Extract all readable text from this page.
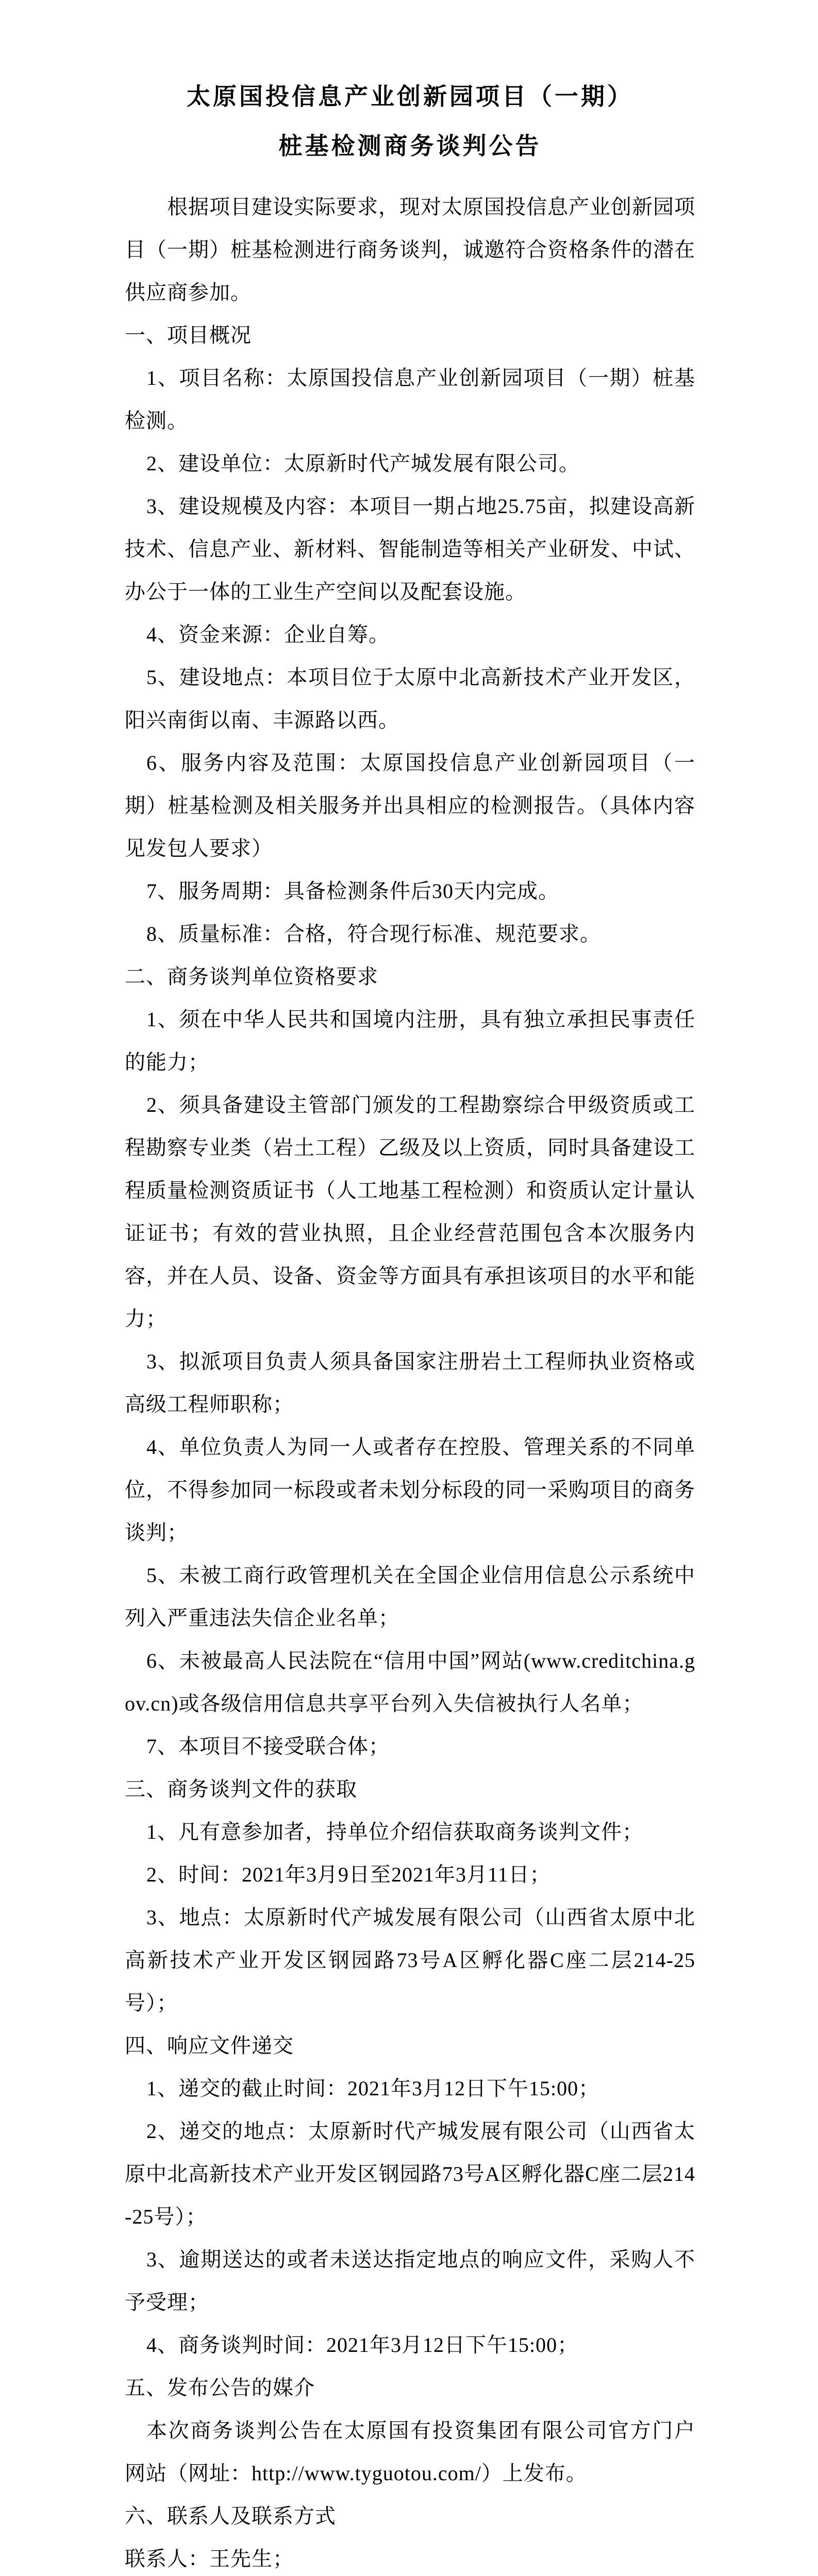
太原国投信息产业创新园项目（一期）
桩基检测商务谈判公告

根据项目建设实际要求，现对太原国投信息产业创新园项目（一期）桩基检测进行商务谈判，诚邀符合资格条件的潜在供应商参加。

一、项目概况

1、项目名称：太原国投信息产业创新园项目（一期）桩基检测。

2、建设单位：太原新时代产城发展有限公司。

3、建设规模及内容：本项目一期占地25.75亩，拟建设高新技术、信息产业、新材料、智能制造等相关产业研发、中试、办公于一体的工业生产空间以及配套设施。

4、资金来源：企业自筹。

5、建设地点：本项目位于太原中北高新技术产业开发区，阳兴南街以南、丰源路以西。

6、服务内容及范围：太原国投信息产业创新园项目（一期）桩基检测及相关服务并出具相应的检测报告。（具体内容见发包人要求）

7、服务周期：具备检测条件后30天内完成。

8、质量标准：合格，符合现行标准、规范要求。

二、商务谈判单位资格要求

1、须在中华人民共和国境内注册，具有独立承担民事责任的能力；

2、须具备建设主管部门颁发的工程勘察综合甲级资质或工程勘察专业类（岩土工程）乙级及以上资质，同时具备建设工程质量检测资质证书（人工地基工程检测）和资质认定计量认证证书；有效的营业执照，且企业经营范围包含本次服务内容，并在人员、设备、资金等方面具有承担该项目的水平和能力；

3、拟派项目负责人须具备国家注册岩土工程师执业资格或高级工程师职称；

4、单位负责人为同一人或者存在控股、管理关系的不同单位，不得参加同一标段或者未划分标段的同一采购项目的商务谈判；

5、未被工商行政管理机关在全国企业信用信息公示系统中列入严重违法失信企业名单；

6、未被最高人民法院在“信用中国”网站(www.creditchina.gov.cn)或各级信用信息共享平台列入失信被执行人名单；

7、本项目不接受联合体；

三、商务谈判文件的获取

1、凡有意参加者，持单位介绍信获取商务谈判文件；

2、时间：2021年3月9日至2021年3月11日；

3、地点：太原新时代产城发展有限公司（山西省太原中北高新技术产业开发区钢园路73号A区孵化器C座二层214-25号）；

四、响应文件递交

1、递交的截止时间：2021年3月12日下午15:00；

2、递交的地点：太原新时代产城发展有限公司（山西省太原中北高新技术产业开发区钢园路73号A区孵化器C座二层214-25号）；

3、逾期送达的或者未送达指定地点的响应文件，采购人不予受理；

4、商务谈判时间：2021年3月12日下午15:00；

五、发布公告的媒介

本次商务谈判公告在太原国有投资集团有限公司官方门户网站（网址：http://www.tyguotou.com/）上发布。

六、联系人及联系方式

联系人：王先生；
